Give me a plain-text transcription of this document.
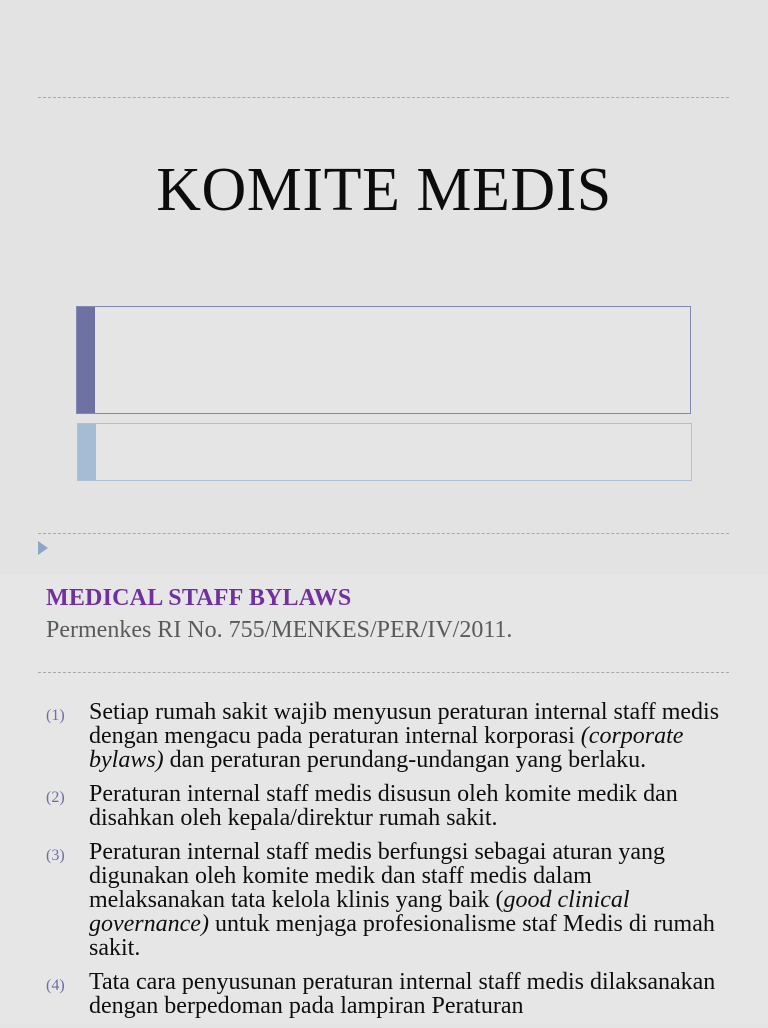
KOMITE MEDIS
MEDICAL STAFF BYLAWS
Permenkes RI No. 755/MENKES/PER/IV/2011.
(1) Setiap rumah sakit wajib menyusun peraturan internal staff medis dengan mengacu pada peraturan internal korporasi (corporate bylaws) dan peraturan perundang-undangan yang berlaku.
(2) Peraturan internal staff medis disusun oleh komite medik dan disahkan oleh kepala/direktur rumah sakit.
(3) Peraturan internal staff medis berfungsi sebagai aturan yang digunakan oleh komite medik dan staff medis dalam melaksanakan tata kelola klinis yang baik (good clinical governance) untuk menjaga profesionalisme staf Medis di rumah sakit.
(4) Tata cara penyusunan peraturan internal staff medis dilaksanakan dengan berpedoman pada lampiran Peraturan
